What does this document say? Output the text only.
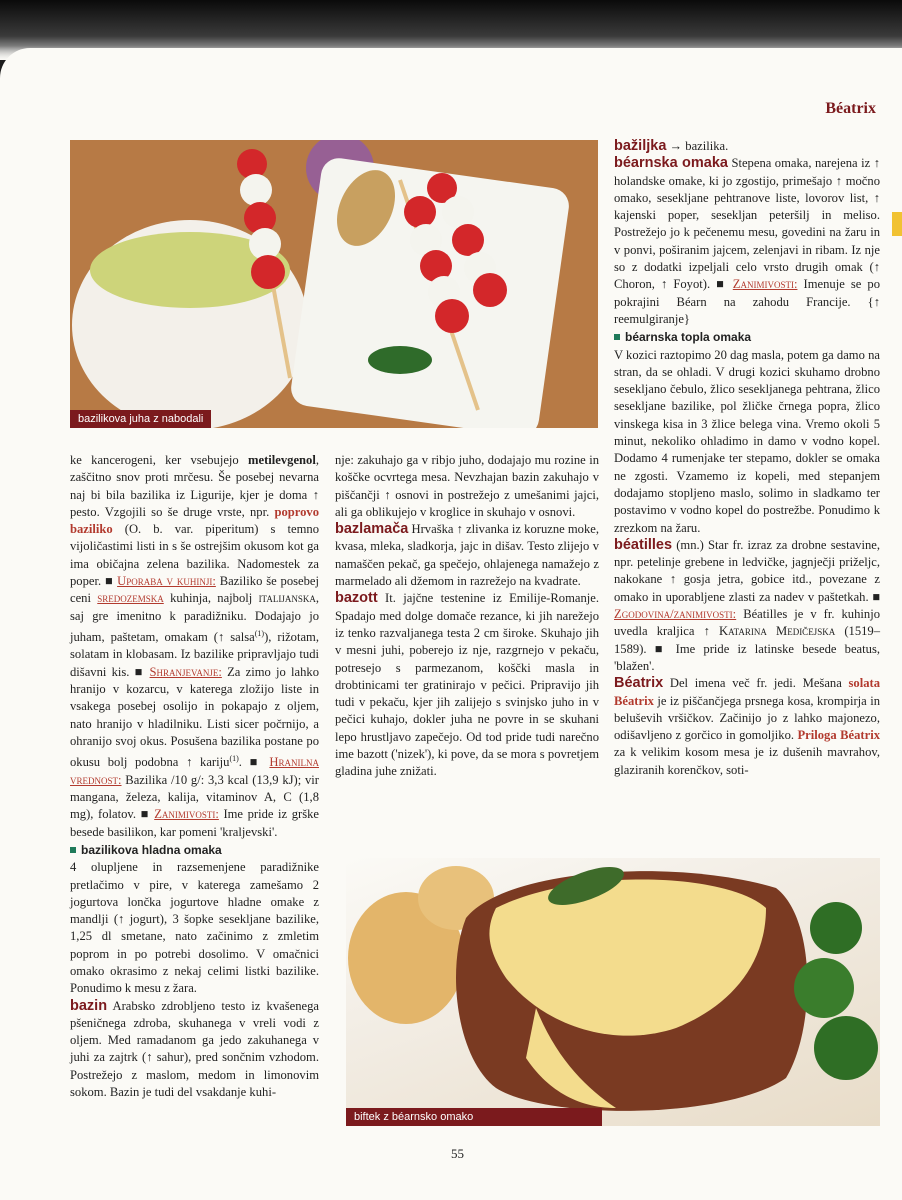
Béatrix
bazilikova juha z nabodali

ke kancerogeni, ker vsebujejo metilevgenol, zaščitno snov proti mrčesu. Še posebej nevarna naj bi bila bazilika iz Ligurije, kjer je doma ↑ pesto. Vzgojili so še druge vrste, npr. poprovo baziliko (O. b. var. piperitum) s temno vijoličastimi listi in s še ostrejšim okusom kot ga ima običajna zelena bazilika. Nadomestek za poper. ■ Uporaba v kuhinji: Baziliko še posebej ceni sredozemska kuhinja, najbolj italijanska, saj gre imenitno k paradižniku. Dodajajo jo juham, paštetam, omakam (↑ salsa$^{(1)}$), rižotam, solatam in klobasam. Iz bazilike pripravljajo tudi dišavni kis. ■ Shranjevanje: Za zimo jo lahko hranijo v kozarcu, v katerega zložijo liste in vsakega posebej osolijo in pokapajo z oljem, nato hranijo v hladilniku. Listi sicer počrnijo, a ohranijo svoj okus. Posušena bazilika postane po okusu bolj podobna ↑ kariju$^{(1)}$. ■ Hranilna vrednost: Bazilika /10 g/: 3,3 kcal (13,9 kJ); vir mangana, železa, kalija, vitaminov A, C (1,8 mg), folatov. ■ Zanimivosti: Ime pride iz grške besede basilikon, kar pomeni 'kraljevski'.

bazilikova hladna omaka

4 olupljene in razsemenjene paradižnike pretlačimo v pire, v katerega zamešamo 2 jogurtova lončka jogurtove hladne omake z mandlji (↑ jogurt), 3 šopke sesekljane bazilike, 1,25 dl smetane, nato začinimo z zmletim poprom in po potrebi dosolimo. V omačnici omako okrasimo z nekaj celimi listki bazilike. Ponudimo k mesu z žara.

bazin Arabsko zdrobljeno testo iz kvašenega pšeničnega zdroba, skuhanega v vreli vodi z oljem. Med ramadanom ga jedo zakuhanega v juhi za zajtrk (↑ sahur), pred sončnim vzhodom. Postrežejo z maslom, medom in limonovim sokom. Bazin je tudi del vsakdanje kuhi-

nje: zakuhajo ga v ribjo juho, dodajajo mu rozine in koščke ocvrtega mesa. Nevzhajan bazin zakuhajo v piščančji ↑ osnovi in postrežejo z umešanimi jajci, ali ga oblikujejo v kroglice in skuhajo v osnovi.

bazlamača Hrvaška ↑ zlivanka iz koruzne moke, kvasa, mleka, sladkorja, jajc in dišav. Testo zlijejo v namaščen pekač, ga spečejo, ohlajenega namažejo z marmelado ali džemom in razrežejo na kvadrate.

bazott It. jajčne testenine iz Emilije-Romanje. Spadajo med dolge domače rezance, ki jih narežejo iz tenko razvaljanega testa 2 cm široke. Skuhajo jih v mesni juhi, poberejo iz nje, razgrnejo v pekaču, potresejo s parmezanom, koščki masla in drobtinicami ter gratinirajo v pečici. Pripravijo jih tudi v pekaču, kjer jih zalijejo s svinjsko juho in v pečici kuhajo, dokler juha ne povre in se skuhani lepo hrustljavo zapečejo. Od tod pride tudi narečno ime bazott ('nizek'), ki pove, da se mora s povretjem gladina juhe znižati.

bažiljka → bazilika.

béarnska omaka Stepena omaka, narejena iz ↑ holandske omake, ki jo zgostijo, primešajo ↑ močno omako, sesekljane pehtranove liste, lovorov list, ↑ kajenski poper, sesekljan peteršilj in meliso. Postrežejo jo k pečenemu mesu, govedini na žaru in v ponvi, poširanim jajcem, zelenjavi in ribam. Iz nje so z dodatki izpeljali celo vrsto drugih omak (↑ Choron, ↑ Foyot). ■ Zanimivosti: Imenuje se po pokrajini Béarn na zahodu Francije. {↑ reemulgiranje}

béarnska topla omaka

V kozici raztopimo 20 dag masla, potem ga damo na stran, da se ohladi. V drugi kozici skuhamo drobno sesekljano čebulo, žlico sesekljanega pehtrana, žlico sesekljane bazilike, pol žličke črnega popra, žlico vinskega kisa in 3 žlice belega vina. Vremo okoli 5 minut, nekoliko ohladimo in damo v vodno kopel. Dodamo 4 rumenjake ter stepamo, dokler se omaka ne zgosti. Vzamemo iz kopeli, med stepanjem dodajamo stopljeno maslo, solimo in sladkamo ter postavimo v vodno kopel do postrežbe. Ponudimo k zrezkom na žaru.

béatilles (mn.) Star fr. izraz za drobne sestavine, npr. petelinje grebene in ledvičke, jagnječji priželjc, nakokane ↑ gosja jetra, gobice itd., povezane z omako in uporabljene zlasti za nadev v paštetkah. ■ Zgodovina/zanimivosti: Béatilles je v fr. kuhinjo uvedla kraljica ↑ Katarina Medičejska (1519–1589). ■ Ime pride iz latinske besede beatus, 'blažen'.

Béatrix Del imena več fr. jedi. Mešana solata Béatrix je iz piščančjega prsnega kosa, krompirja in beluševih vršičkov. Začinijo jo z lahko majonezo, odišavljeno z gorčico in gomoljiko. Priloga Béatrix za k velikim kosom mesa je iz dušenih mavrahov, glaziranih korenčkov, soti-

biftek z béarnsko omako
55
